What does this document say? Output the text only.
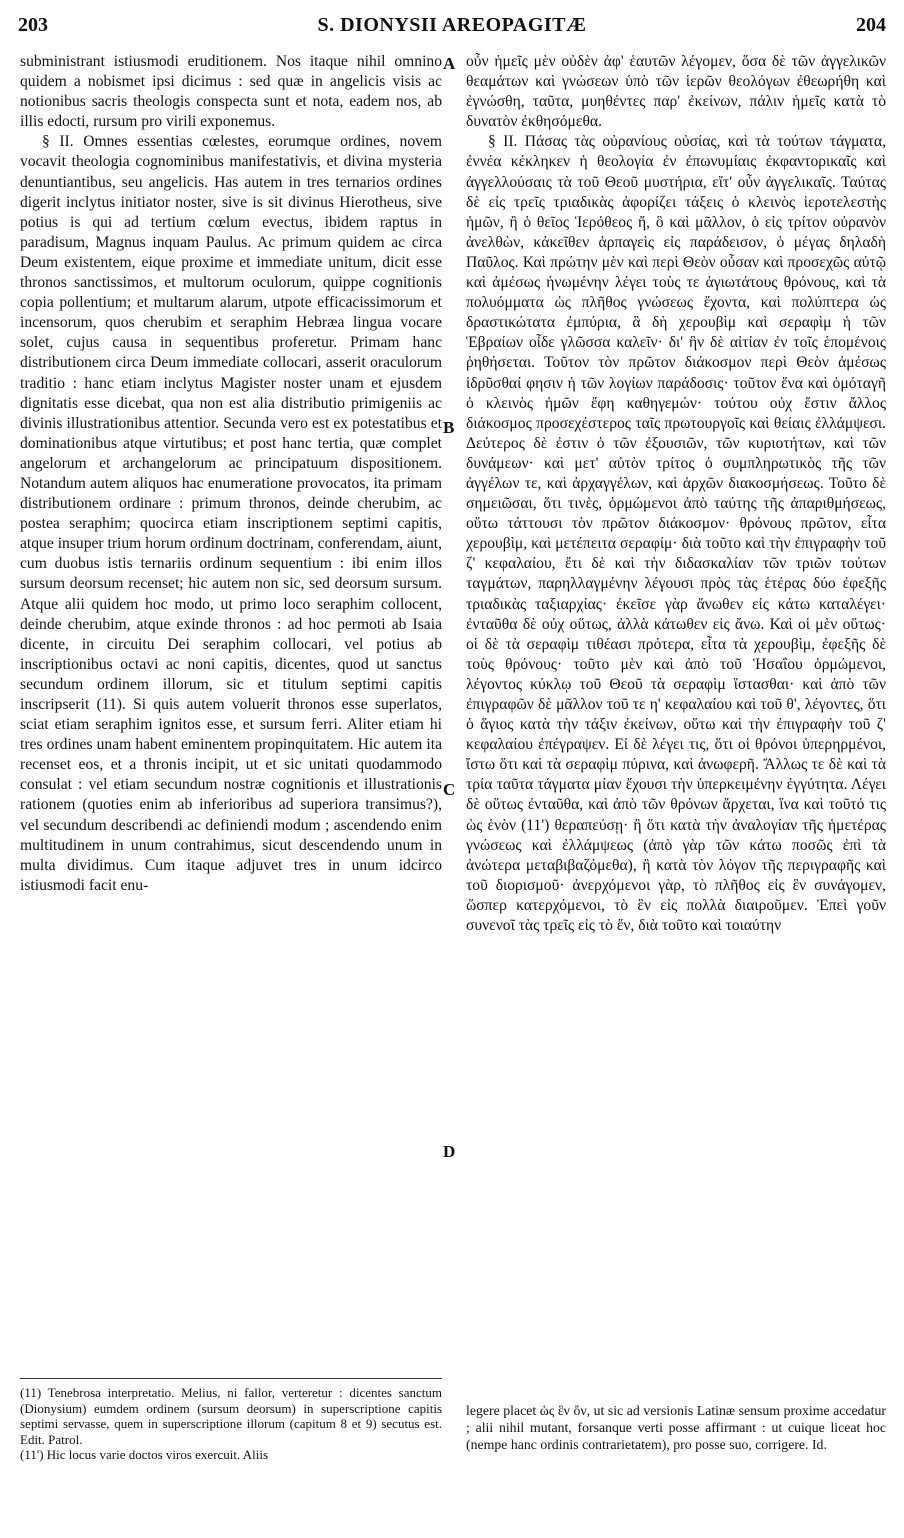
203	S. DIONYSII AREOPAGITÆ	204

subministrant istiusmodi eruditionem. Nos itaque nihil omnino quidem a nobismet ipsi dicimus : sed quæ in angelicis visis ac notionibus sacris theologis conspecta sunt et nota, eadem nos, ab illis edocti, rursum pro virili exponemus.

§ II. Omnes essentias cœlestes, eorumque ordines, novem vocavit theologia cognominibus manifestativis, et divina mysteria denuntiantibus, seu angelicis. Has autem in tres ternarios ordines digerit inclytus initiator noster, sive is sit divinus Hierotheus, sive potius is qui ad tertium cœlum evectus, ibidem raptus in paradisum, Magnus inquam Paulus. Ac primum quidem ac circa Deum existentem, eique proxime et immediate unitum, dicit esse thronos sanctissimos, et multorum oculorum, quippe cognitionis copia pollentium; et multarum alarum, utpote efficacissimorum et incensorum, quos cherubim et seraphim Hebræa lingua vocare solet, cujus causa in sequentibus proferetur. Primam hanc distributionem circa Deum immediate collocari, asserit oraculorum traditio : hanc etiam inclytus Magister noster unam et ejusdem dignitatis esse dicebat, qua non est alia distributio primigeniis ac divinis illustrationibus attentior. Secunda vero est ex potestatibus et dominationibus atque virtutibus; et post hanc tertia, quæ complet angelorum et archangelorum ac principatuum dispositionem. Notandum autem aliquos hac enumeratione provocatos, ita primam distributionem ordinare : primum thronos, deinde cherubim, ac postea seraphim; quocirca etiam inscriptionem septimi capitis, atque insuper trium horum ordinum doctrinam, conferendam, aiunt, cum duobus istis ternariis ordinum sequentium : ibi enim illos sursum deorsum recenset; hic autem non sic, sed deorsum sursum. Atque alii quidem hoc modo, ut primo loco seraphim collocent, deinde cherubim, atque exinde thronos : ad hoc permoti ab Isaia dicente, in circuitu Dei seraphim collocari, vel potius ab inscriptionibus octavi ac noni capitis, dicentes, quod ut sanctus secundum ordinem illorum, sic et titulum septimi capitis inscripserit (11). Si quis autem voluerit thronos esse superlatos, sciat etiam seraphim ignitos esse, et sursum ferri. Aliter etiam hi tres ordines unam habent eminentem propinquitatem. Hic autem ita recenset eos, et a thronis incipit, ut et sic unitati quodammodo consulat : vel etiam secundum nostræ cognitionis et illustrationis rationem (quoties enim ab inferioribus ad superiora transimus?), vel secundum describendi ac definiendi modum ; ascendendo enim multitudinem in unum contrahimus, sicut descendendo unum in multa dividimus. Cum itaque adjuvet tres in unum idcirco istiusmodi facit enu-

οὖν ἡμεῖς μὲν οὐδὲν ἀφ' ἑαυτῶν λέγομεν, ὅσα δὲ τῶν ἀγγελικῶν θεαμάτων καὶ γνώσεων ὑπὸ τῶν ἱερῶν θεολόγων ἐθεωρήθη καὶ ἐγνώσθη, ταῦτα, μυηθέντες παρ' ἐκείνων, πάλιν ἡμεῖς κατὰ τὸ δυνατὸν ἐκθησόμεθα.

§ II. Πάσας τὰς οὐρανίους οὐσίας, καὶ τὰ τούτων τάγματα, ἐννέα κέκληκεν ἡ θεολογία ἐν ἐπωνυμίαις ἐκφαντορικαῖς καὶ ἀγγελλούσαις τὰ τοῦ Θεοῦ μυστήρια, εἴτ' οὖν ἀγγελικαῖς. Ταύτας δὲ εἰς τρεῖς τριαδικὰς ἀφορίζει τάξεις ὁ κλεινὸς ἱεροτελεστὴς ἡμῶν, ἢ ὁ θεῖος Ἱερόθεος ἤ, ὃ καὶ μᾶλλον, ὁ εἰς τρίτον οὐρανὸν ἀνελθὼν, κἀκεῖθεν ἁρπαγεὶς εἰς παράδεισον, ὁ μέγας δηλαδὴ Παῦλος. Καὶ πρώτην μὲν καὶ περὶ Θεὸν οὖσαν καὶ προσεχῶς αὐτῷ καὶ ἀμέσως ἡνωμένην λέγει τοὺς τε ἁγιωτάτους θρόνους, καὶ τὰ πολυόμματα ὡς πλῆθος γνώσεως ἔχοντα, καὶ πολύπτερα ὡς δραστικώτατα ἐμπύρια, ἃ δὴ χερουβὶμ καὶ σεραφὶμ ἡ τῶν Ἑβραίων οἶδε γλῶσσα καλεῖν· δι' ἣν δὲ αἰτίαν ἐν τοῖς ἑπομένοις ῥηθήσεται. Τοῦτον τὸν πρῶτον διάκοσμον περὶ Θεὸν ἀμέσως ἱδρῦσθαί φησιν ἡ τῶν λογίων παράδοσις· τοῦτον ἕνα καὶ ὁμόταγῆ ὁ κλεινὸς ἡμῶν ἔφη καθηγεμών· τούτου οὐχ ἔστιν ἄλλος διάκοσμος προσεχέστερος ταῖς πρωτουργοῖς καὶ θείαις ἐλλάμψεσι. Δεύτερος δὲ ἐστιν ὁ τῶν ἐξουσιῶν, τῶν κυριοτήτων, καὶ τῶν δυνάμεων· καὶ μετ' αὐτὸν τρίτος ὁ συμπληρωτικὸς τῆς τῶν ἀγγέλων τε, καὶ ἀρχαγγέλων, καὶ ἀρχῶν διακοσμήσεως. Τοῦτο δὲ σημειῶσαι, ὅτι τινὲς, ὁρμώμενοι ἀπὸ ταύτης τῆς ἀπαριθμήσεως, οὕτω τάττουσι τὸν πρῶτον διάκοσμον· θρόνους πρῶτον, εἶτα χερουβὶμ, καὶ μετέπειτα σεραφίμ· διὰ τοῦτο καὶ τὴν ἐπιγραφὴν τοῦ ζ' κεφαλαίου, ἔτι δὲ καὶ τὴν διδασκαλίαν τῶν τριῶν τούτων ταγμάτων, παρηλλαγμένην λέγουσι πρὸς τὰς ἑτέρας δύο ἐφεξῆς τριαδικὰς ταξιαρχίας· ἐκεῖσε γὰρ ἄνωθεν εἰς κάτω καταλέγει· ἐνταῦθα δὲ οὐχ οὕτως, ἀλλὰ κάτωθεν εἰς ἄνω. Καὶ οἱ μὲν οὕτως· οἱ δὲ τὰ σεραφὶμ τιθέασι πρότερα, εἶτα τὰ χερουβὶμ, ἐφεξῆς δὲ τοὺς θρόνους· τοῦτο μὲν καὶ ἀπὸ τοῦ Ἡσαΐου ὁρμώμενοι, λέγοντος κύκλῳ τοῦ Θεοῦ τὰ σεραφὶμ ἵστασθαι· καὶ ἀπὸ τῶν ἐπιγραφῶν δὲ μᾶλλον τοῦ τε η' κεφαλαίου καὶ τοῦ θ', λέγοντες, ὅτι ὁ ἅγιος κατὰ τὴν τάξιν ἐκείνων, οὕτω καὶ τὴν ἐπιγραφὴν τοῦ ζ' κεφαλαίου ἐπέγραψεν. Εἰ δὲ λέγει τις, ὅτι οἱ θρόνοι ὑπερηρμένοι, ἴστω ὅτι καὶ τὰ σεραφὶμ πύρινα, καὶ ἀνωφερῆ. Ἄλλως τε δὲ καὶ τὰ τρία ταῦτα τάγματα μίαν ἔχουσι τὴν ὑπερκειμένην ἐγγύτητα. Λέγει δὲ οὕτως ἐνταῦθα, καὶ ἀπὸ τῶν θρόνων ἄρχεται, ἵνα καὶ τοῦτό τις ὡς ἑνὸν (11') θεραπεύσῃ· ἢ ὅτι κατὰ τὴν ἀναλογίαν τῆς ἡμετέρας γνώσεως καὶ ἐλλάμψεως (ἀπὸ γὰρ τῶν κάτω ποσῶς ἐπὶ τὰ ἀνώτερα μεταβιβαζόμεθα), ἢ κατὰ τὸν λόγον τῆς περιγραφῆς καὶ τοῦ διορισμοῦ· ἀνερχόμενοι γὰρ, τὸ πλῆθος εἰς ἓν συνάγομεν, ὥσπερ κατερχόμενοι, τὸ ἓν εἰς πολλὰ διαιροῦμεν. Ἐπεὶ γοῦν συνενοῖ τὰς τρεῖς εἰς τὸ ἕν, διὰ τοῦτο καὶ τοιαύτην

A
B
C
D

(11) Tenebrosa interpretatio. Melius, ni fallor, verteretur : dicentes sanctum (Dionysium) eumdem ordinem (sursum deorsum) in superscriptione capitis septimi servasse, quem in superscriptione illorum (capitum 8 et 9) secutus est. Edit. Patrol.

(11') Hic locus varie doctos viros exercuit. Aliis

legere placet ὡς ἓν ὄν, ut sic ad versionis Latinæ sensum proxime accedatur ; alii nihil mutant, forsanque verti posse affirmant : ut cuique liceat hoc (nempe hanc ordinis contrarietatem), pro posse suo, corrigere. Id.
